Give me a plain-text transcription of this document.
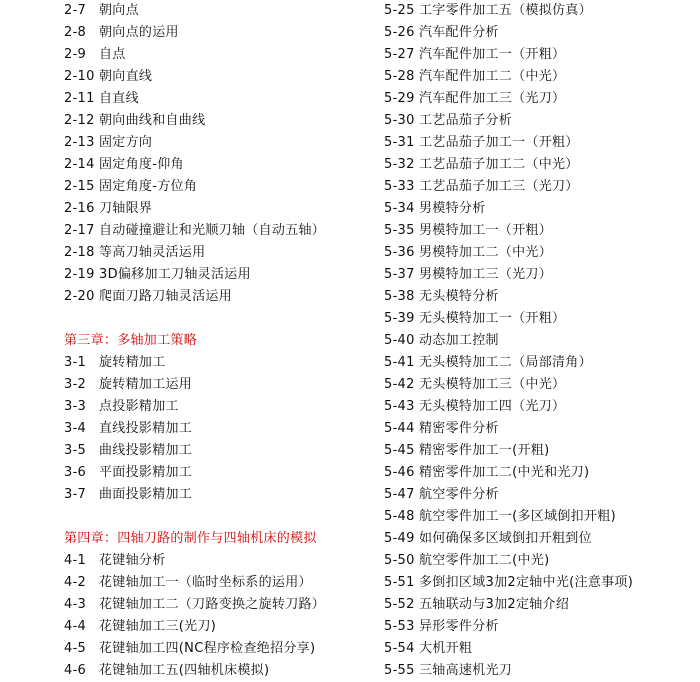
2-7 朝向点
2-8 朝向点的运用
2-9 自点
2-10 朝向直线
2-11 自直线
2-12 朝向曲线和自曲线
2-13 固定方向
2-14 固定角度-仰角
2-15 固定角度-方位角
2-16 刀轴限界
2-17 自动碰撞避让和光顺刀轴（自动五轴）
2-18 等高刀轴灵活运用
2-19 3D偏移加工刀轴灵活运用
2-20 爬面刀路刀轴灵活运用
第三章：多轴加工策略
3-1 旋转精加工
3-2 旋转精加工运用
3-3 点投影精加工
3-4 直线投影精加工
3-5 曲线投影精加工
3-6 平面投影精加工
3-7 曲面投影精加工
第四章：四轴刀路的制作与四轴机床的模拟
4-1 花键轴分析
4-2 花键轴加工一（临时坐标系的运用）
4-3 花键轴加工二（刀路变换之旋转刀路）
4-4 花键轴加工三(光刀)
4-5 花键轴加工四(NC程序检查绝招分享)
4-6 花键轴加工五(四轴机床模拟)
5-25 工字零件加工五（模拟仿真）
5-26 汽车配件分析
5-27 汽车配件加工一（开粗）
5-28 汽车配件加工二（中光）
5-29 汽车配件加工三（光刀）
5-30 工艺品茄子分析
5-31 工艺品茄子加工一（开粗）
5-32 工艺品茄子加工二（中光）
5-33 工艺品茄子加工三（光刀）
5-34 男模特分析
5-35 男模特加工一（开粗）
5-36 男模特加工二（中光）
5-37 男模特加工三（光刀）
5-38 无头模特分析
5-39 无头模特加工一（开粗）
5-40 动态加工控制
5-41 无头模特加工二（局部清角）
5-42 无头模特加工三（中光）
5-43 无头模特加工四（光刀）
5-44 精密零件分析
5-45 精密零件加工一(开粗)
5-46 精密零件加工二(中光和光刀)
5-47 航空零件分析
5-48 航空零件加工一(多区域倒扣开粗)
5-49 如何确保多区域倒扣开粗到位
5-50 航空零件加工二(中光)
5-51 多倒扣区域3加2定轴中光(注意事项)
5-52 五轴联动与3加2定轴介绍
5-53 异形零件分析
5-54 大机开粗
5-55 三轴高速机光刀
